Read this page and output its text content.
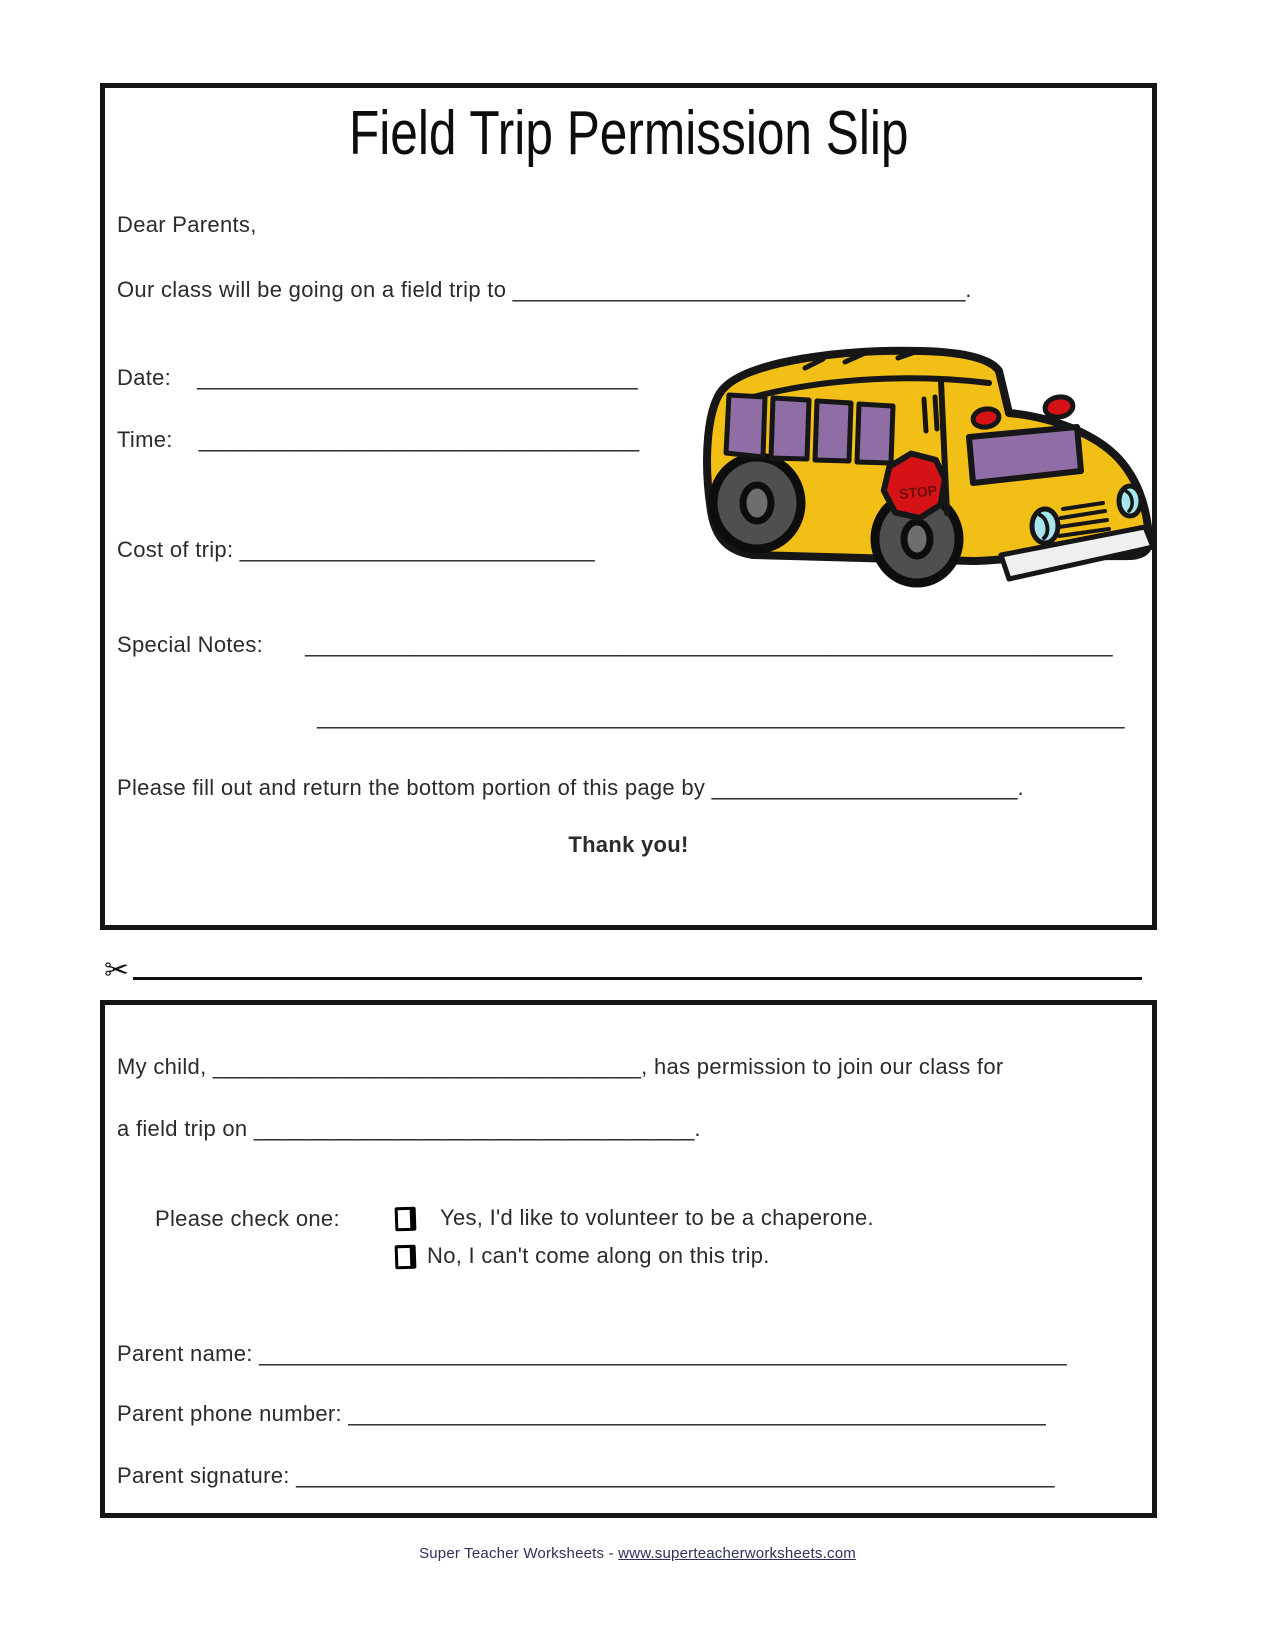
Field Trip Permission Slip

Dear Parents,

Our class will be going on a field trip to _____________________________________.

Date: ____________________________________

Time: ____________________________________

Cost of trip: _____________________________

Special Notes: __________________________________________________________________

__________________________________________________________________

Please fill out and return the bottom portion of this page by _________________________.

Thank you!

STOP
✂

My child, ___________________________________, has permission to join our class for

a field trip on ____________________________________.

Please check one:	Yes, I'd like to volunteer to be a chaperone.

No, I can't come along on this trip.

Parent name: __________________________________________________________________

Parent phone number: _________________________________________________________

Parent signature: ______________________________________________________________

Super Teacher Worksheets - www.superteacherworksheets.com
